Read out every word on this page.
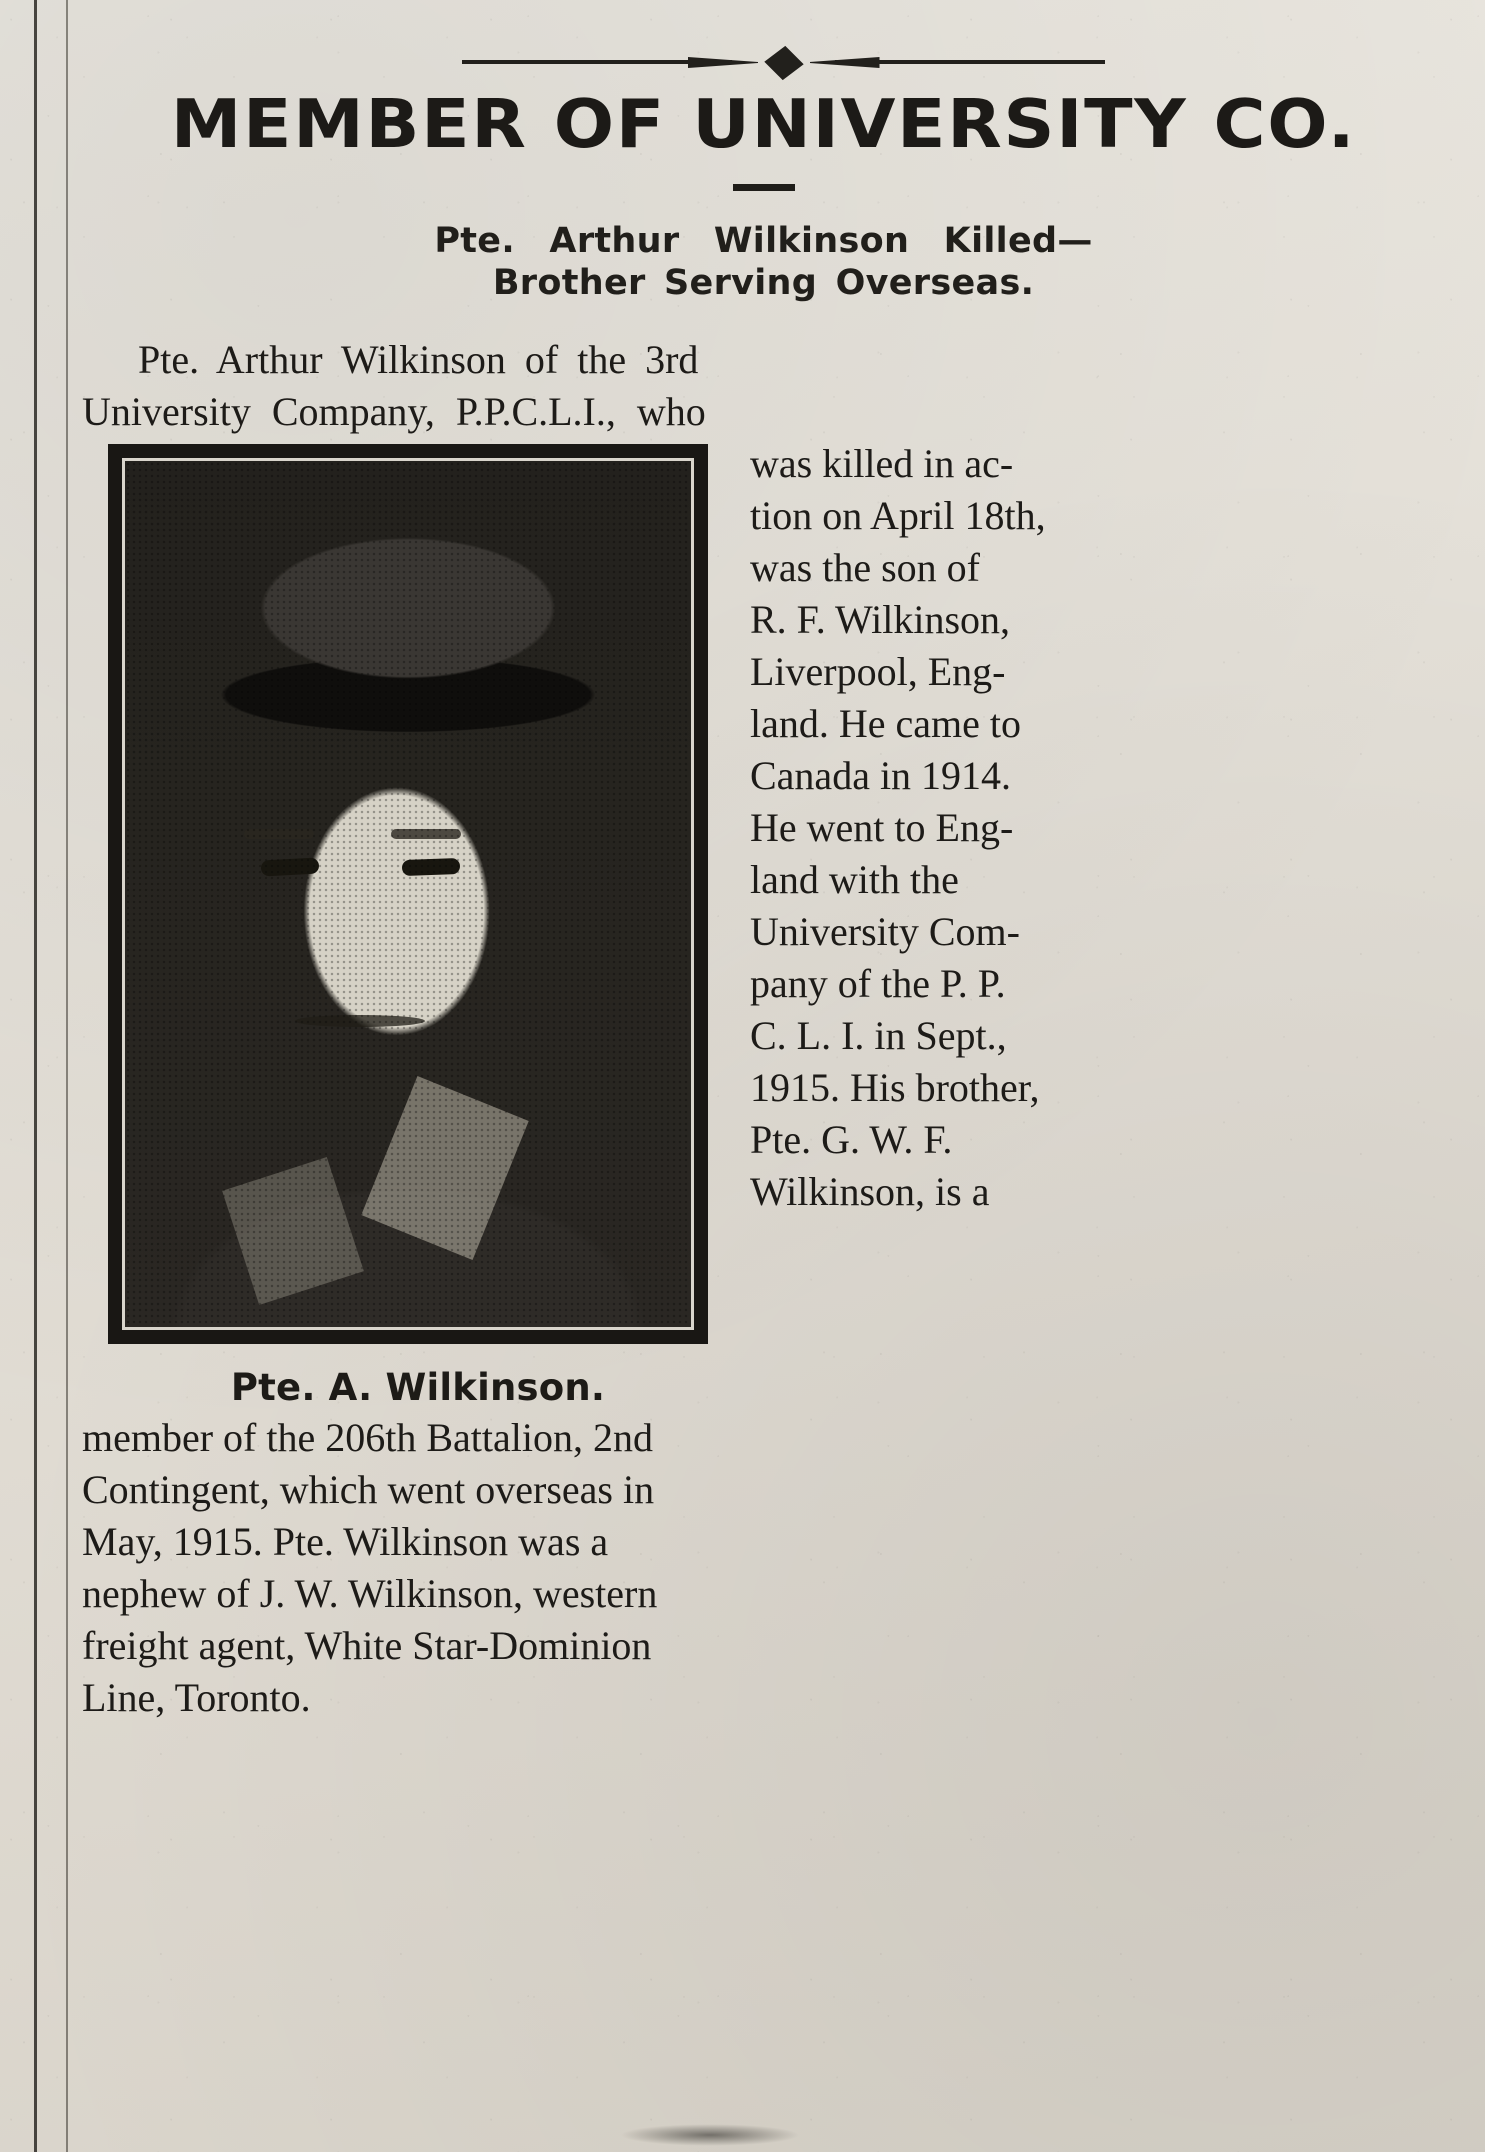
MEMBER OF UNIVERSITY CO.
Pte. Arthur Wilkinson Killed—
Brother Serving Overseas.
Pte. Arthur Wilkinson of the 3rd
University Company, P.P.C.L.I., who
Pte. A. Wilkinson.
was killed in ac-
tion on April 18th,
was the son of
R. F. Wilkinson,
Liverpool, Eng-
land. He came to
Canada in 1914.
He went to Eng-
land with the
University Com-
pany of the P. P.
C. L. I. in Sept.,
1915. His brother,
Pte. G. W. F.
Wilkinson, is a
member of the 206th Battalion, 2nd
Contingent, which went overseas in
May, 1915. Pte. Wilkinson was a
nephew of J. W. Wilkinson, western
freight agent, White Star-Dominion
Line, Toronto.
